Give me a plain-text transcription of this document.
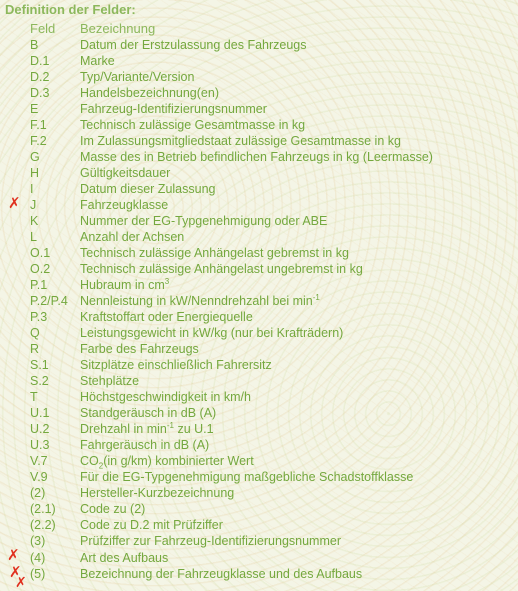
Definition der Felder:
Feld Bezeichnung
B	Datum der Erstzulassung des Fahrzeugs
D.1 Marke
D.2 Typ/Variante/Version
D.3 Handelsbezeichnung(en)
E	Fahrzeug-Identifizierungsnummer
F.1	Technisch zulässige Gesamtmasse in kg
F.2	Im Zulassungsmitgliedstaat zulässige Gesamtmasse in kg
G	Masse des in Betrieb befindlichen Fahrzeugs in kg (Leermasse)
H	Gültigkeitsdauer
I	Datum dieser Zulassung
J	Fahrzeugklasse
K	Nummer der EG-Typgenehmigung oder ABE
L	Anzahl der Achsen
O.1 Technisch zulässige Anhängelast gebremst in kg
O.2 Technisch zulässige Anhängelast ungebremst in kg
P.1	Hubraum in $cm^3$
P.2/P.4 Nennleistung in kW/Nenndrehzahl bei $\min^{-1}$
P.3	Kraftstoffart oder Energiequelle
Q	Leistungsgewicht in kW/kg (nur bei Krafträdern)
R	Farbe des Fahrzeugs
S.1 Sitzplätze einschließlich Fahrersitz
S.2 Stehplätze
T	Höchstgeschwindigkeit in km/h
U.1 Standgeräusch in dB (A)
U.2 Drehzahl in $\min^{-1}$ zu U.1
U.3 Fahrgeräusch in dB (A)
V.7	$CO_2(in$ g/km) kombinierter Wert
V.9	Für die EG-Typgenehmigung maßgebliche Schadstoffklasse
(2)	Hersteller-Kurzbezeichnung
(2.1) Code zu (2)
(2.2) Code zu D.2 mit Prüfziffer
(3)	Prüfziffer zur Fahrzeug-Identifizierungsnummer
(4)	Art des Aufbaus
(5)	Bezeichnung der Fahrzeugklasse und des Aufbaus
✗
✗
✗
✗
